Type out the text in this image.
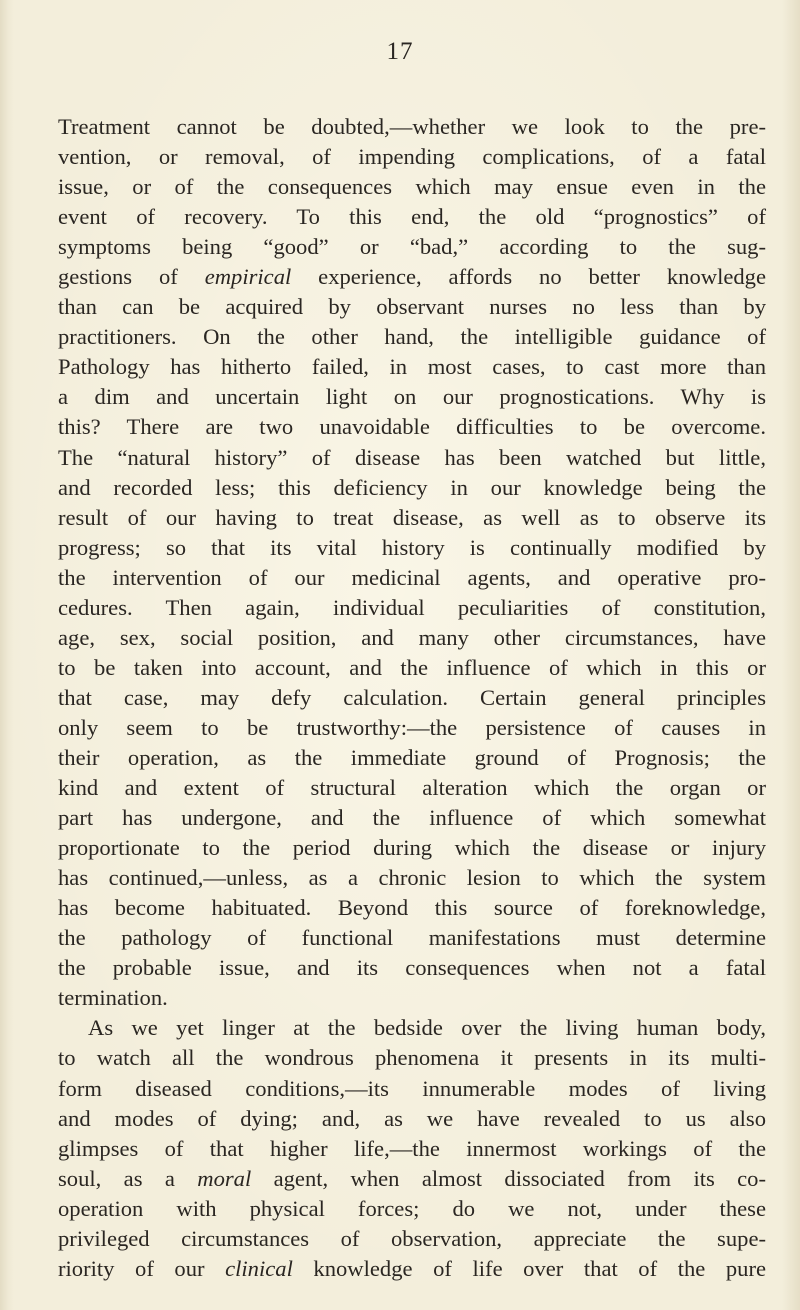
17
Treatment cannot be doubted,—whether we look to the pre-
vention, or removal, of impending complications, of a fatal
issue, or of the consequences which may ensue even in the
event of recovery. To this end, the old “prognostics” of
symptoms being “good” or “bad,” according to the sug-
gestions of empirical experience, affords no better knowledge
than can be acquired by observant nurses no less than by
practitioners. On the other hand, the intelligible guidance of
Pathology has hitherto failed, in most cases, to cast more than
a dim and uncertain light on our prognostications. Why is
this? There are two unavoidable difficulties to be overcome.
The “natural history” of disease has been watched but little,
and recorded less; this deficiency in our knowledge being the
result of our having to treat disease, as well as to observe its
progress; so that its vital history is continually modified by
the intervention of our medicinal agents, and operative pro-
cedures. Then again, individual peculiarities of constitution,
age, sex, social position, and many other circumstances, have
to be taken into account, and the influence of which in this or
that case, may defy calculation. Certain general principles
only seem to be trustworthy:—the persistence of causes in
their operation, as the immediate ground of Prognosis; the
kind and extent of structural alteration which the organ or
part has undergone, and the influence of which somewhat
proportionate to the period during which the disease or injury
has continued,—unless, as a chronic lesion to which the system
has become habituated. Beyond this source of foreknowledge,
the pathology of functional manifestations must determine
the probable issue, and its consequences when not a fatal
termination.
As we yet linger at the bedside over the living human body,
to watch all the wondrous phenomena it presents in its multi-
form diseased conditions,—its innumerable modes of living
and modes of dying; and, as we have revealed to us also
glimpses of that higher life,—the innermost workings of the
soul, as a moral agent, when almost dissociated from its co-
operation with physical forces; do we not, under these
privileged circumstances of observation, appreciate the supe-
riority of our clinical knowledge of life over that of the pure
